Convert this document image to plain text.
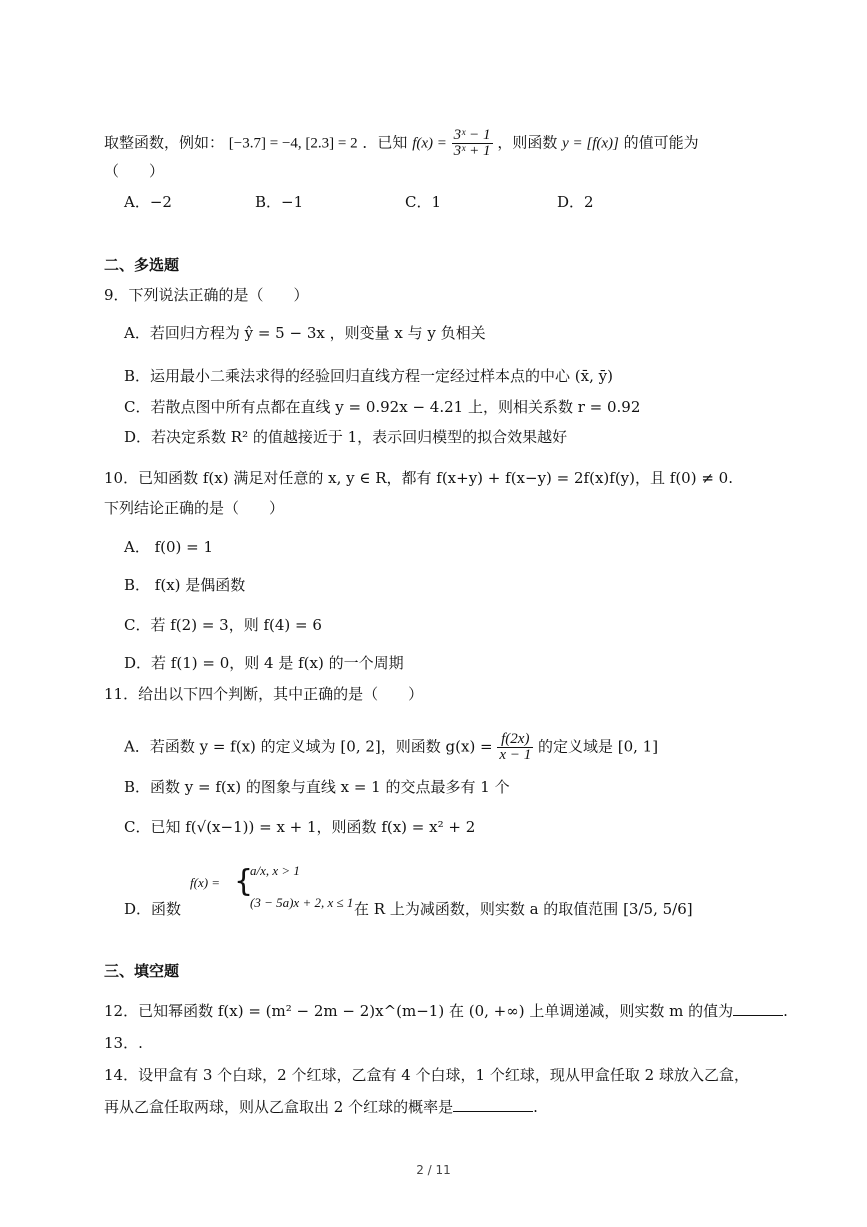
取整函数，例如： [−3.7] = −4, [2.3] = 2 ．已知 $f(x) = \frac{\text{3ˣ − 1}}{\text{3ˣ + 1}}$ ，则函数 y = [f(x)] 的值可能为
（　　）
A．−2	B．−1	C．1	D．2
二、多选题
9．下列说法正确的是（　　）
A．若回归方程为 ŷ = 5 − 3x ，则变量 x 与 y 负相关
B．运用最小二乘法求得的经验回归直线方程一定经过样本点的中心 (x̄, ȳ)
C．若散点图中所有点都在直线 y = 0.92x − 4.21 上，则相关系数 r = 0.92
D．若决定系数 R² 的值越接近于 1，表示回归模型的拟合效果越好
10．已知函数 f(x) 满足对任意的 x, y ∈ R，都有 f(x+y) + f(x−y) = 2f(x)f(y)，且 f(0) ≠ 0.
下列结论正确的是（　　）
A． f(0) = 1
B． f(x) 是偶函数
C．若 f(2) = 3，则 f(4) = 6
D．若 f(1) = 0，则 4 是 f(x) 的一个周期
11．给出以下四个判断，其中正确的是（　　）
A．若函数 y = f(x) 的定义域为 [0, 2]，则函数 $g(x) = \frac{f(2x)}{x - 1}$ 的定义域是 [0, 1]
B．函数 y = f(x) 的图象与直线 x = 1 的交点最多有 1 个
C．已知 f(√(x−1)) = x + 1，则函数 f(x) = x² + 2
D．函数
f(x) = {
a/x, x > 1
(3 − 5a)x + 2, x ≤ 1 在 R 上为减函数，则实数 a 的取值范围 [3/5, 5/6]
三、填空题
12．已知幂函数 f(x) = (m² − 2m − 2)x^(m−1) 在 (0, +∞) 上单调递减，则实数 m 的值为	.
13．.
14．设甲盒有 3 个白球，2 个红球，乙盒有 4 个白球，1 个红球，现从甲盒任取 2 球放入乙盒，
再从乙盒任取两球，则从乙盒取出 2 个红球的概率是	.
2 / 11
